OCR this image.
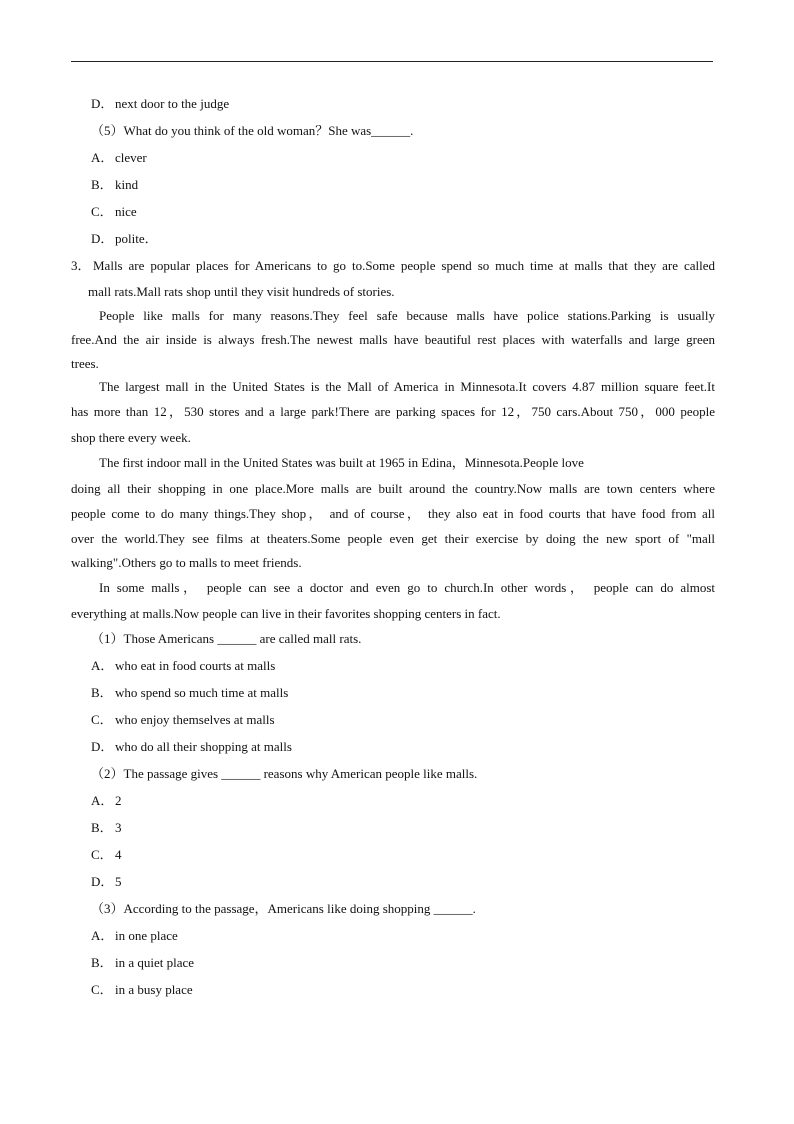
D． next door to the judge
（5）What do you think of the old woman？She was______.
A． clever
B． kind
C． nice
D． polite．
3． Malls are popular places for Americans to go to.Some people spend so much time at malls that they are called
mall rats.Mall rats shop until they visit hundreds of stories.
People like malls for many reasons.They feel safe because malls have police stations.Parking is usually
free.And the air inside is always fresh.The newest malls have beautiful rest places with waterfalls and large green
trees.
The largest mall in the United States is the Mall of America in Minnesota.It covers 4.87 million square feet.It
has more than 12，530 stores and a large park!There are parking spaces for 12，750 cars.About 750，000 people
shop there every week.
The first indoor mall in the United States was built at 1965 in Edina，Minnesota.People love
doing all their shopping in one place.More malls are built around the country.Now malls are town centers where
people come to do many things.They shop， and of course， they also eat in food courts that have food from all
over the world.They see films at theaters.Some people even get their exercise by doing the new sport of "mall
walking".Others go to malls to meet friends.
In some malls， people can see a doctor and even go to church.In other words， people can do almost
everything at malls.Now people can live in their favorites shopping centers in fact.
（1）Those Americans ______ are called mall rats.
A． who eat in food courts at malls
B． who spend so much time at malls
C． who enjoy themselves at malls
D． who do all their shopping at malls
（2）The passage gives ______ reasons why American people like malls.
A． 2
B． 3
C． 4
D． 5
（3）According to the passage，Americans like doing shopping ______.
A． in one place
B． in a quiet place
C． in a busy place
